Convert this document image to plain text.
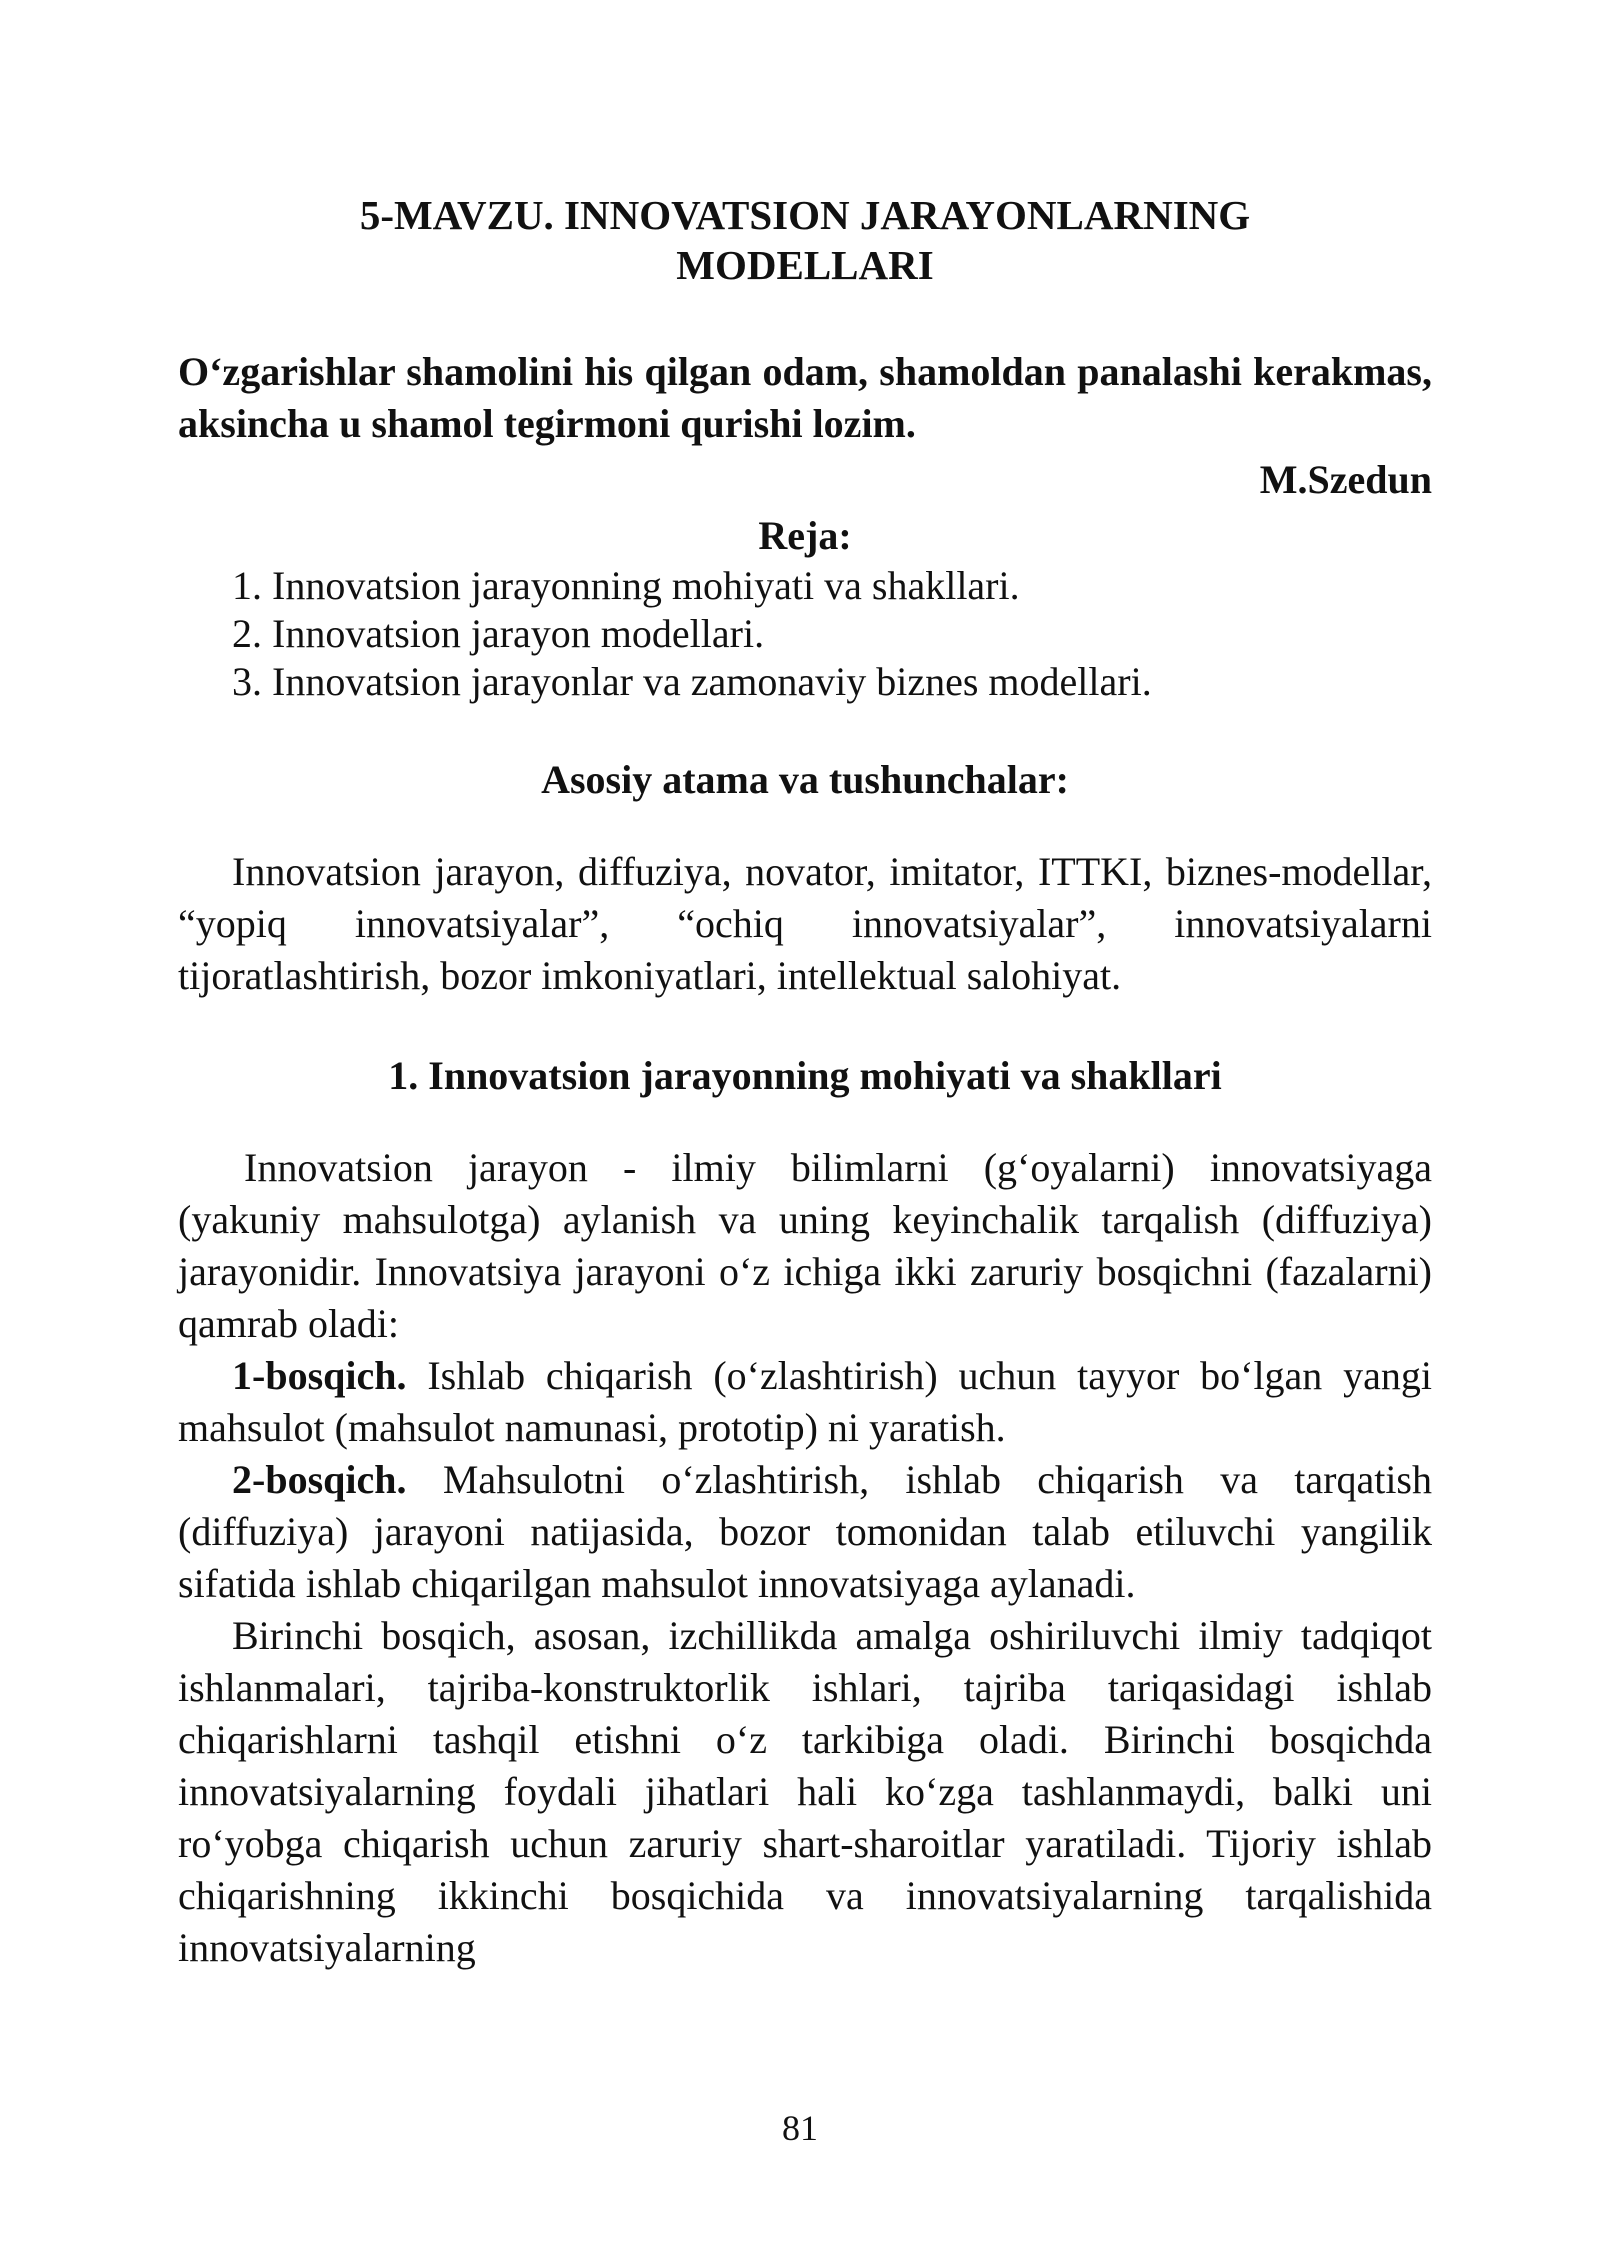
5-MAVZU. INNOVATSION JARAYONLARNING
MODELLARI

O‘zgarishlar shamolini his qilgan odam, shamoldan panalashi kerakmas, aksincha u shamol tegirmoni qurishi lozim.

M.Szedun

Reja:

1. Innovatsion jarayonning mohiyati va shakllari.
2. Innovatsion jarayon modellari.
3. Innovatsion jarayonlar va zamonaviy biznes modellari.

Asosiy atama va tushunchalar:

Innovatsion jarayon, diffuziya, novator, imitator, ITTKI, biznes-modellar, “yopiq innovatsiyalar”, “ochiq innovatsiyalar”, innovatsiyalarni tijoratlashtirish, bozor imkoniyatlari, intellektual salohiyat.

1. Innovatsion jarayonning mohiyati va shakllari

Innovatsion jarayon - ilmiy bilimlarni (g‘oyalarni) innovatsiyaga (yakuniy mahsulotga) aylanish va uning keyinchalik tarqalish (diffuziya) jarayonidir. Innovatsiya jarayoni o‘z ichiga ikki zaruriy bosqichni (fazalarni) qamrab oladi:

1-bosqich. Ishlab chiqarish (o‘zlashtirish) uchun tayyor bo‘lgan yangi mahsulot (mahsulot namunasi, prototip) ni yaratish.

2-bosqich. Mahsulotni o‘zlashtirish, ishlab chiqarish va tarqatish (diffuziya) jarayoni natijasida, bozor tomonidan talab etiluvchi yangilik sifatida ishlab chiqarilgan mahsulot innovatsiyaga aylanadi.

Birinchi bosqich, asosan, izchillikda amalga oshiriluvchi ilmiy tadqiqot ishlanmalari, tajriba-konstruktorlik ishlari, tajriba tariqasidagi ishlab chiqarishlarni tashqil etishni o‘z tarkibiga oladi. Birinchi bosqichda innovatsiyalarning foydali jihatlari hali ko‘zga tashlanmaydi, balki uni ro‘yobga chiqarish uchun zaruriy shart-sharoitlar yaratiladi. Tijoriy ishlab chiqarishning ikkinchi bosqichida va innovatsiyalarning tarqalishida innovatsiyalarning

81
